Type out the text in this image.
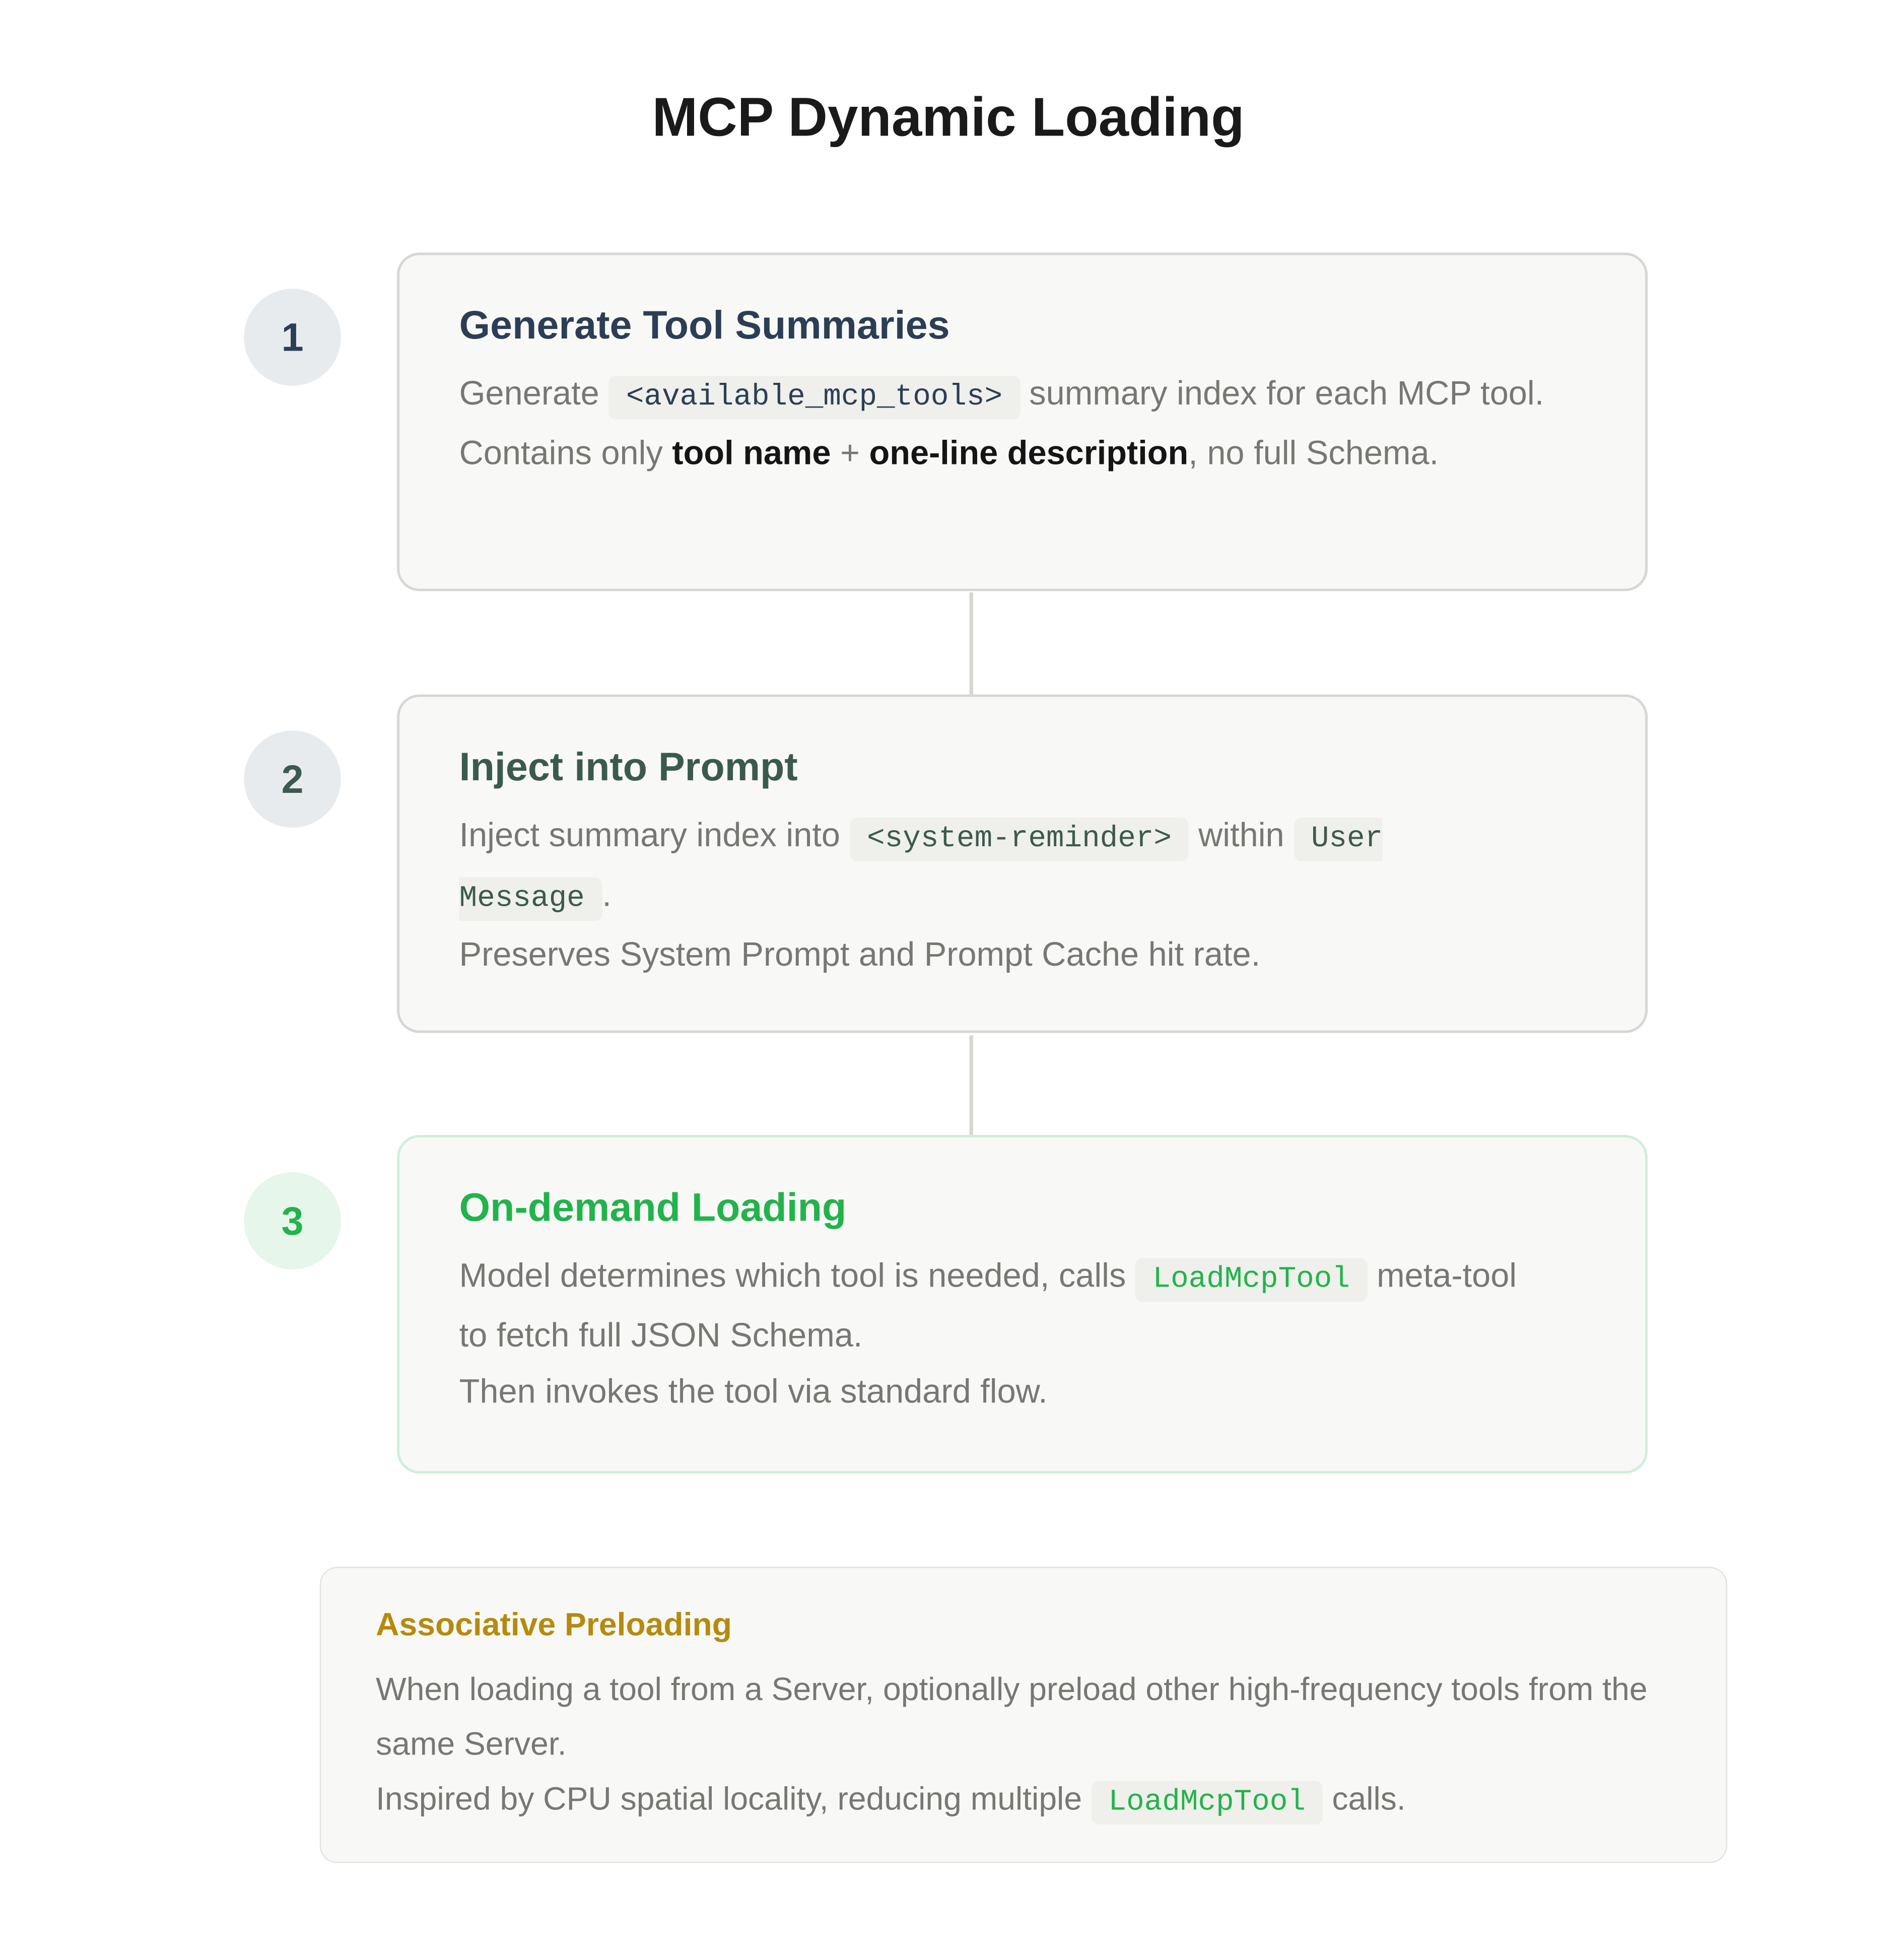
MCP Dynamic Loading
1	Generate Tool Summaries
Generate <available_mcp_tools> summary index for each MCP tool.
Contains only tool name + one-line description, no full Schema.
2	Inject into Prompt
Inject summary index into <system-reminder> within User Message .
Preserves System Prompt and Prompt Cache hit rate.
3	On-demand Loading
Model determines which tool is needed, calls LoadMcpTool meta-tool to fetch full JSON Schema.
Then invokes the tool via standard flow.
Associative Preloading
When loading a tool from a Server, optionally preload other high-frequency tools from the same Server.
Inspired by CPU spatial locality, reducing multiple LoadMcpTool calls.
